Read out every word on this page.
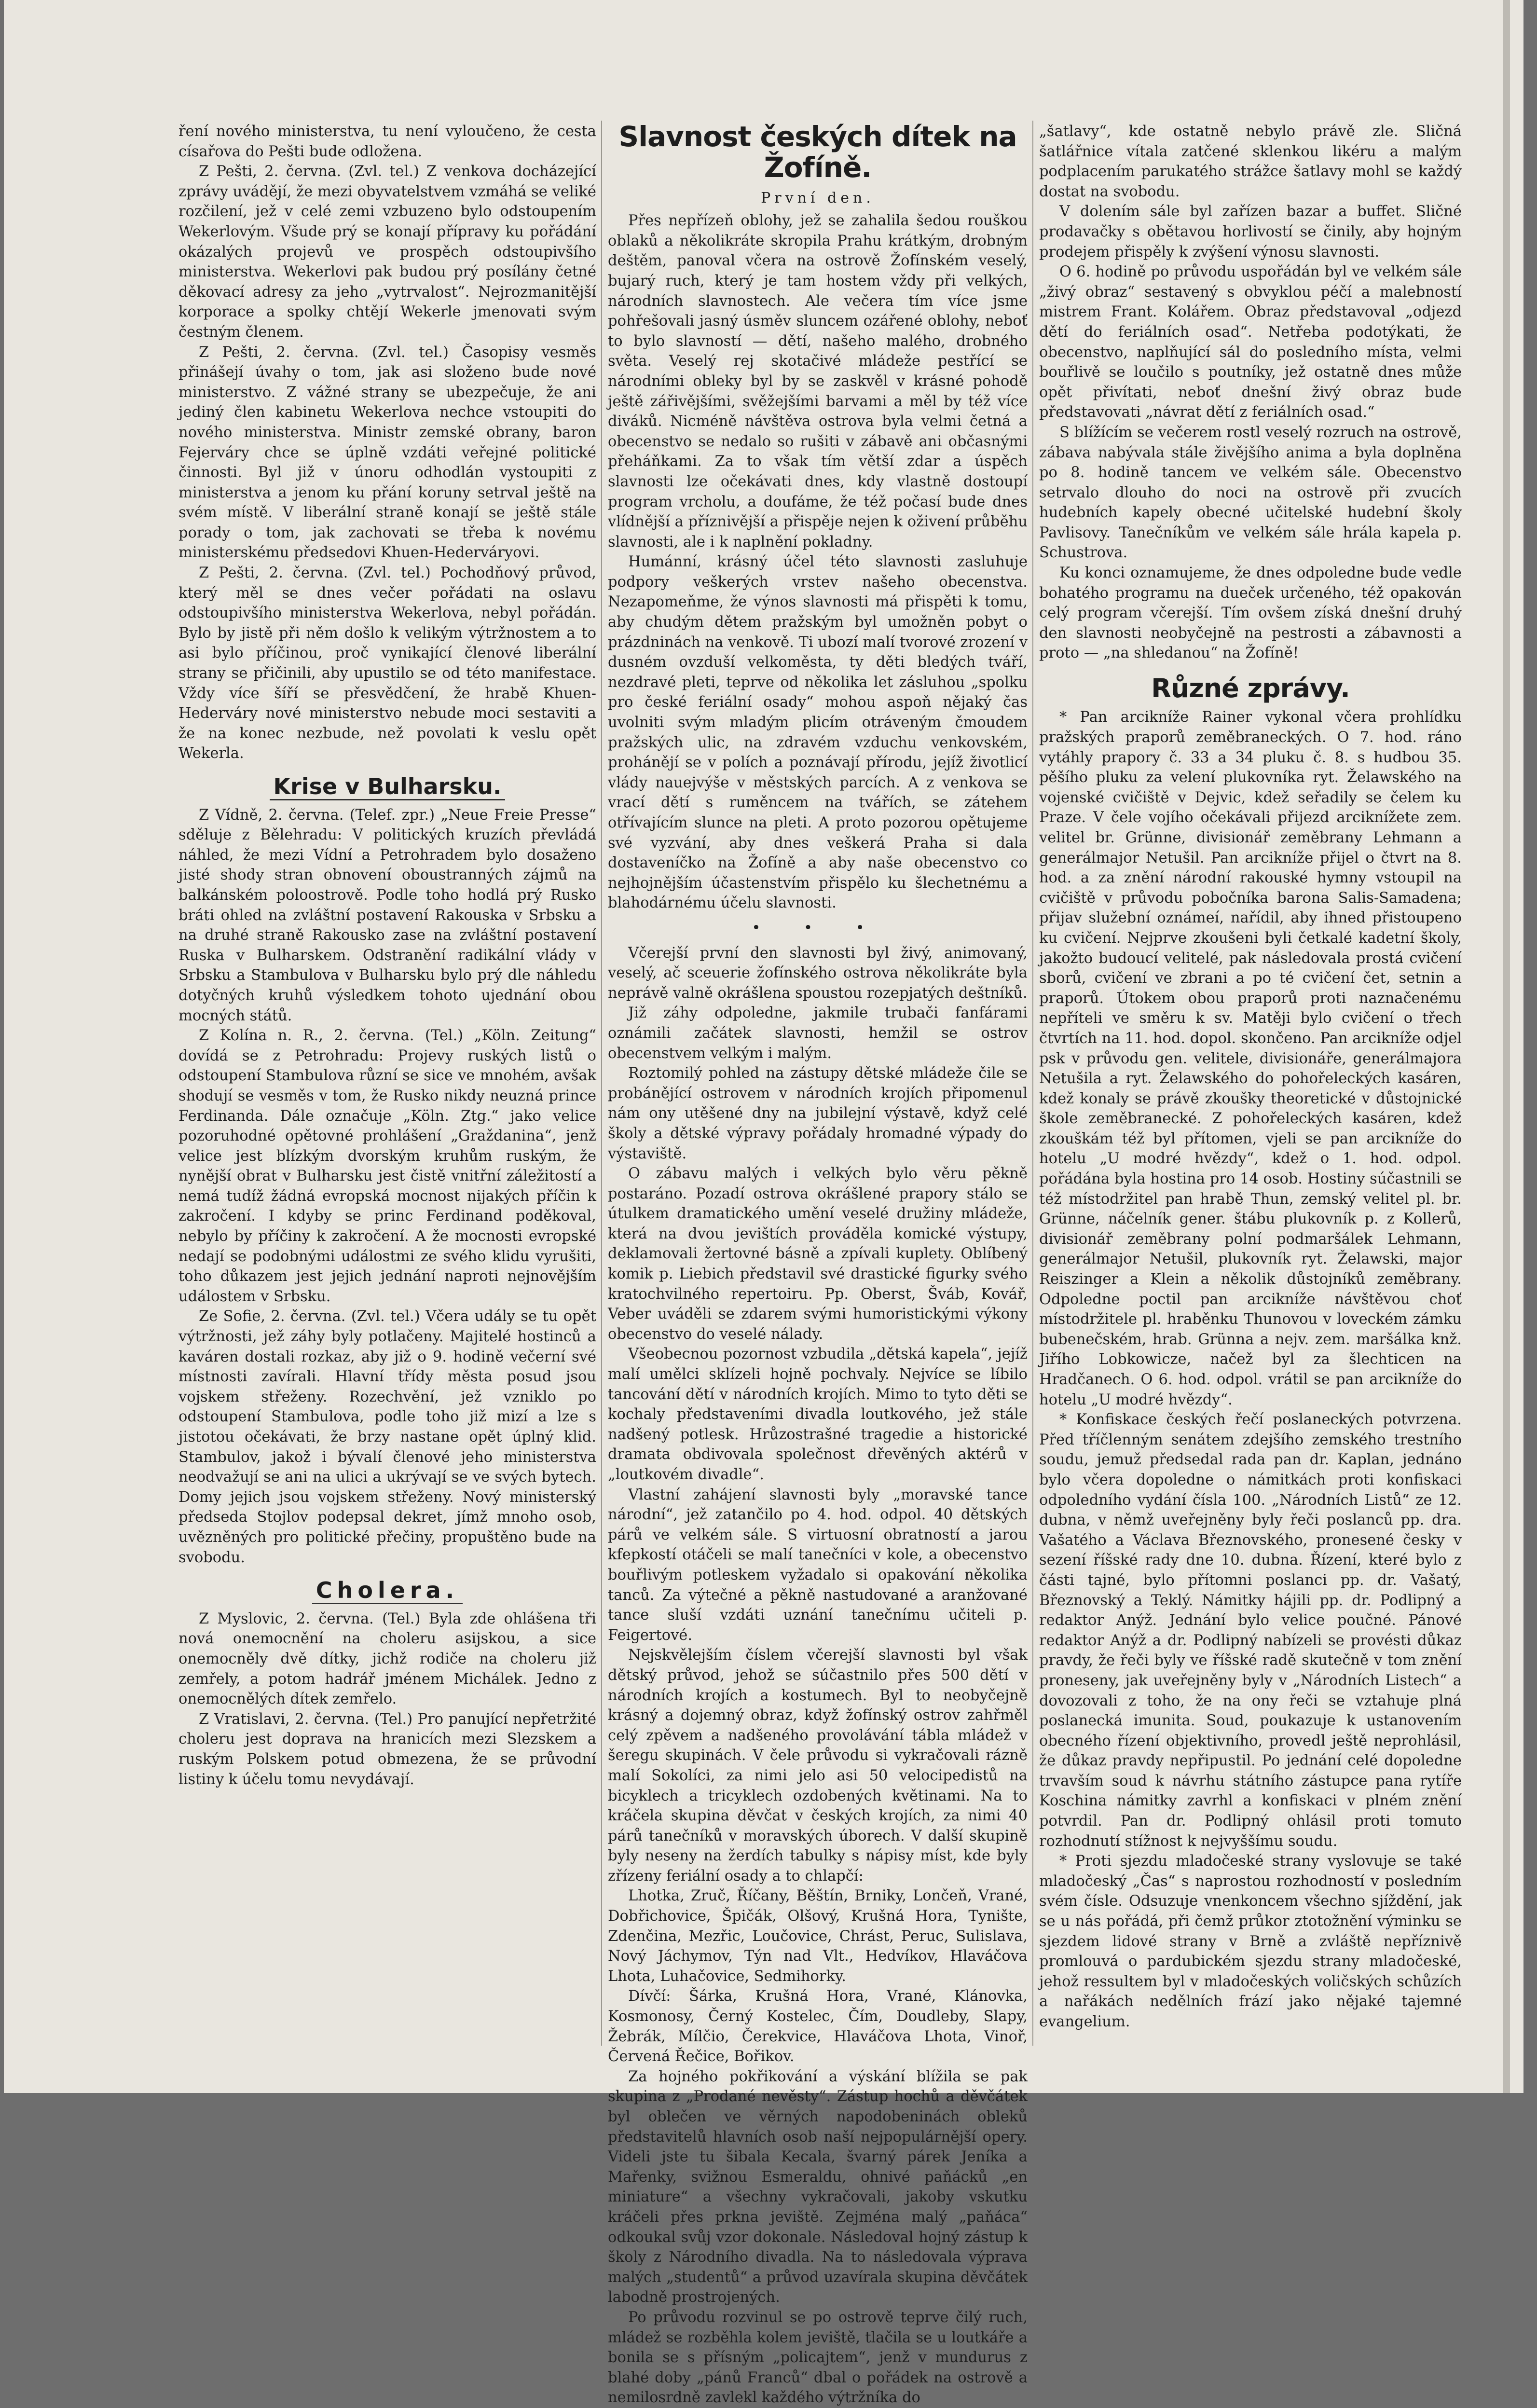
ření nového ministerstva, tu není vyloučeno, že cesta císařova do Pešti bude odložena.

Z Pešti, 2. června. (Zvl. tel.) Z venkova docházející zprávy uvádějí, že mezi obyvatelstvem vzmáhá se veliké rozčilení, jež v celé zemi vzbuzeno bylo odstoupením Wekerlovým. Všude prý se konají přípravy ku pořádání okázalých projevů ve prospěch odstoupivšího ministerstva. Wekerlovi pak budou prý posílány četné děkovací adresy za jeho „vytrvalost“. Nejrozmanitější korporace a spolky chtějí Wekerle jmenovati svým čestným členem.

Z Pešti, 2. června. (Zvl. tel.) Časopisy vesměs přinášejí úvahy o tom, jak asi složeno bude nové ministerstvo. Z vážné strany se ubezpečuje, že ani jediný člen kabinetu Wekerlova nechce vstoupiti do nového ministerstva. Ministr zemské obrany, baron Fejerváry chce se úplně vzdáti veřejné politické činnosti. Byl již v únoru odhodlán vystoupiti z ministerstva a jenom ku přání koruny setrval ještě na svém místě. V liberální straně konají se ještě stále porady o tom, jak zachovati se třeba k novému ministerskému předsedovi Khuen-Hederváryovi.

Z Pešti, 2. června. (Zvl. tel.) Pochodňový průvod, který měl se dnes večer pořádati na oslavu odstoupivšího ministerstva Wekerlova, nebyl pořádán. Bylo by jistě při něm došlo k velikým výtržnostem a to asi bylo příčinou, proč vynikající členové liberální strany se přičinili, aby upustilo se od této manifestace. Vždy více šíří se přesvědčení, že hrabě Khuen-Hederváry nové ministerstvo nebude moci sestaviti a že na konec nezbude, než povolati k veslu opět Wekerla.

Krise v Bulharsku.

Z Vídně, 2. června. (Telef. zpr.) „Neue Freie Presse“ sděluje z Bělehradu: V politických kruzích převládá náhled, že mezi Vídní a Petrohradem bylo dosaženo jisté shody stran obnovení oboustranných zájmů na balkánském poloostrově. Podle toho hodlá prý Rusko bráti ohled na zvláštní postavení Rakouska v Srbsku a na druhé straně Rakousko zase na zvláštní postavení Ruska v Bulharskem. Odstranění radikální vlády v Srbsku a Stambulova v Bulharsku bylo prý dle náhledu dotyčných kruhů výsledkem tohoto ujednání obou mocných států.

Z Kolína n. R., 2. června. (Tel.) „Köln. Zeitung“ dovídá se z Petrohradu: Projevy ruských listů o odstoupení Stambulova různí se sice ve mnohém, avšak shodují se vesměs v tom, že Rusko nikdy neuzná prince Ferdinanda. Dále označuje „Köln. Ztg.“ jako velice pozoruhodné opětovné prohlášení „Graždanina“, jenž velice jest blízkým dvorským kruhům ruským, že nynější obrat v Bulharsku jest čistě vnitřní záležitostí a nemá tudíž žádná evropská mocnost nijakých příčin k zakročení. I kdyby se princ Ferdinand poděkoval, nebylo by příčiny k zakročení. A že mocnosti evropské nedají se podobnými událostmi ze svého klidu vyrušiti, toho důkazem jest jejich jednání naproti nejnovějším událostem v Srbsku.

Ze Sofie, 2. června. (Zvl. tel.) Včera udály se tu opět výtržnosti, jež záhy byly potlačeny. Majitelé hostinců a kaváren dostali rozkaz, aby již o 9. hodině večerní své místnosti zavírali. Hlavní třídy města posud jsou vojskem střeženy. Rozechvění, jež vzniklo po odstoupení Stambulova, podle toho již mizí a lze s jistotou očekávati, že brzy nastane opět úplný klid. Stambulov, jakož i bývalí členové jeho ministerstva neodvažují se ani na ulici a ukrývají se ve svých bytech. Domy jejich jsou vojskem střeženy. Nový ministerský předseda Stojlov podepsal dekret, jímž mnoho osob, uvězněných pro politické přečiny, propuštěno bude na svobodu.

Cholera.

Z Myslovic, 2. června. (Tel.) Byla zde ohlášena tři nová onemocnění na choleru asijskou, a sice onemocněly dvě dítky, jichž rodiče na choleru již zemřely, a potom hadrář jménem Michálek. Jedno z onemocnělých dítek zemřelo.

Z Vratislavi, 2. června. (Tel.) Pro panující nepřetržité choleru jest doprava na hranicích mezi Slezskem a ruským Polskem potud obmezena, že se průvodní listiny k účelu tomu nevydávají.

Slavnost českých dítek na Žofíně.
První den.

Přes nepřízeň oblohy, jež se zahalila šedou rouškou oblaků a několikráte skropila Prahu krátkým, drobným deštěm, panoval včera na ostrově Žofínském veselý, bujarý ruch, který je tam hostem vždy při velkých, národních slavnostech. Ale večera tím více jsme pohřešovali jasný úsměv sluncem ozářené oblohy, neboť to bylo slavností — dětí, našeho malého, drobného světa. Veselý rej skotačivé mládeže pestřící se národními obleky byl by se zaskvěl v krásné pohodě ještě zářivějšími, svěžejšími barvami a měl by též více diváků. Nicméně návštěva ostrova byla velmi četná a obecenstvo se nedalo so rušiti v zábavě ani občasnými přeháňkami. Za to však tím větší zdar a úspěch slavnosti lze očekávati dnes, kdy vlastně dostoupí program vrcholu, a doufáme, že též počasí bude dnes vlídnější a příznivější a přispěje nejen k oživení průběhu slavnosti, ale i k naplnění pokladny.

Humánní, krásný účel této slavnosti zasluhuje podpory veškerých vrstev našeho obecenstva. Nezapomeňme, že výnos slavnosti má přispěti k tomu, aby chudým dětem pražským byl umožněn pobyt o prázdninách na venkově. Ti ubozí malí tvorové zrození v dusném ovzduší velkoměsta, ty děti bledých tváří, nezdravé pleti, teprve od několika let zásluhou „spolku pro české feriální osady“ mohou aspoň nějaký čas uvolniti svým mladým plicím otráveným čmoudem pražských ulic, na zdravém vzduchu venkovském, prohánějí se v polích a poznávají přírodu, jejíž životlicí vlády nauejvýše v městských parcích. A z venkova se vrací dětí s ruměncem na tvářích, se zátehem otřívajícím slunce na pleti. A proto pozorou opětujeme své vyzvání, aby dnes veškerá Praha si dala dostaveníčko na Žofíně a aby naše obecenstvo co nejhojnějším účastenstvím přispělo ku šlechetnému a blahodárnému účelu slavnosti.

• • •

Včerejší první den slavnosti byl živý, animovaný, veselý, ač sceuerie žofínského ostrova několikráte byla neprávě valně okrášlena spoustou rozepjatých deštníků.

Již záhy odpoledne, jakmile trubači fanfárami oznámili začátek slavnosti, hemžil se ostrov obecenstvem velkým i malým.

Roztomilý pohled na zástupy dětské mládeže čile se probánějící ostrovem v národních krojích připomenul nám ony utěšené dny na jubilejní výstavě, když celé školy a dětské výpravy pořádaly hromadné výpady do výstaviště.

O zábavu malých i velkých bylo věru pěkně postaráno. Pozadí ostrova okrášlené prapory stálo se útulkem dramatického umění veselé družiny mládeže, která na dvou jevištích prováděla komické výstupy, deklamovali žertovné básně a zpívali kuplety. Oblíbený komik p. Liebich představil své drastické figurky svého kratochvilného repertoiru. Pp. Oberst, Šváb, Kovář, Veber uváděli se zdarem svými humoristickými výkony obecenstvo do veselé nálady.

Všeobecnou pozornost vzbudila „dětská kapela“, jejíž malí umělci sklízeli hojně pochvaly. Nejvíce se líbilo tancování dětí v národních krojích. Mimo to tyto děti se kochaly představeními divadla loutkového, jež stále nadšený potlesk. Hrůzostrašné tragedie a historické dramata obdivovala společnost dřevěných aktérů v „loutkovém divadle“.

Vlastní zahájení slavnosti byly „moravské tance národní“, jež zatančilo po 4. hod. odpol. 40 dětských párů ve velkém sále. S virtuosní obratností a jarou kfepkostí otáčeli se malí tanečníci v kole, a obecenstvo bouřlivým potleskem vyžadalo si opakování několika tanců. Za výtečné a pěkně nastudované a aranžované tance sluší vzdáti uznání tanečnímu učiteli p. Feigertové.

Nejskvělejším číslem včerejší slavnosti byl však dětský průvod, jehož se súčastnilo přes 500 dětí v národních krojích a kostumech. Byl to neobyčejně krásný a dojemný obraz, když žofínský ostrov zahřměl celý zpěvem a nadšeného provolávání tábla mládež v šeregu skupinách. V čele průvodu si vykračovali rázně malí Sokolíci, za nimi jelo asi 50 velocipedistů na bicyklech a tricyklech ozdobených květinami. Na to kráčela skupina děvčat v českých krojích, za nimi 40 párů tanečníků v moravských úborech. V další skupině byly neseny na žerdích tabulky s nápisy míst, kde byly zřízeny feriální osady a to chlapčí:

Lhotka, Zruč, Říčany, Běštín, Brniky, Lončeň, Vrané, Dobřichovice, Špičák, Olšový, Krušná Hora, Tynište, Zdenčina, Mezřic, Loučovice, Chrást, Peruc, Sulislava, Nový Jáchymov, Týn nad Vlt., Hedvíkov, Hlaváčova Lhota, Luhačovice, Sedmihorky.

Dívčí: Šárka, Krušná Hora, Vrané, Klánovka, Kosmonosy, Černý Kostelec, Čím, Doudleby, Slapy, Žebrák, Mílčio, Čerekvice, Hlaváčova Lhota, Vinoř, Červená Řečice, Bořikov.

Za hojného pokřikování a výskání blížila se pak skupina z „Prodané nevěsty“. Zástup hochů a děvčátek byl oblečen ve věrných napodobeninách obleků představitelů hlavních osob naší nejpopulárnější opery. Videli jste tu šibala Kecala, švarný párek Jeníka a Mařenky, svižnou Esmeraldu, ohnivé paňácků „en miniature“ a všechny vykračovali, jakoby vskutku kráčeli přes prkna jeviště. Zejména malý „paňáca“ odkoukal svůj vzor dokonale. Následoval hojný zástup k školy z Národního divadla. Na to následovala výprava malých „studentů“ a průvod uzavírala skupina děvčátek labodně prostrojených.

Po průvodu rozvinul se po ostrově teprve čilý ruch, mládež se rozběhla kolem jeviště, tlačila se u loutkáře a bonila se s přísným „policajtem“, jenž v mundurus z blahé doby „pánů Franců“ dbal o pořádek na ostrově a nemilosrdně zavlekl každého výtržníka do

„šatlavy“, kde ostatně nebylo právě zle. Sličná šatlářnice vítala zatčené sklenkou likéru a malým podplacením parukatého strážce šatlavy mohl se každý dostat na svobodu.

V dolením sále byl zařízen bazar a buffet. Sličné prodavačky s obětavou horlivostí se činily, aby hojným prodejem přispěly k zvýšení výnosu slavnosti.

O 6. hodině po průvodu uspořádán byl ve velkém sále „živý obraz“ sestavený s obvyklou péčí a malebností mistrem Frant. Kolářem. Obraz představoval „odjezd dětí do feriálních osad“. Netřeba podotýkati, že obecenstvo, naplňující sál do posledního místa, velmi bouřlivě se loučilo s poutníky, jež ostatně dnes může opět přivítati, neboť dnešní živý obraz bude představovati „návrat dětí z feriálních osad.“

S blížícím se večerem rostl veselý rozruch na ostrově, zábava nabývala stále živějšího anima a byla doplněna po 8. hodině tancem ve velkém sále. Obecenstvo setrvalo dlouho do noci na ostrově při zvucích hudebních kapely obecné učitelské hudební školy Pavlisovy. Tanečníkům ve velkém sále hrála kapela p. Schustrova.

Ku konci oznamujeme, že dnes odpoledne bude vedle bohatého programu na dueček určeného, též opakován celý program včerejší. Tím ovšem získá dnešní druhý den slavnosti neobyčejně na pestrosti a zábavnosti a proto — „na shledanou“ na Žofíně!

Různé zprávy.

* Pan arcikníže Rainer vykonal včera prohlídku pražských praporů zeměbraneckých. O 7. hod. ráno vytáhly prapory č. 33 a 34 pluku č. 8. s hudbou 35. pěšího pluku za velení plukovníka ryt. Želawského na vojenské cvičiště v Dejvic, kdež seřadily se čelem ku Praze. V čele vojího očekávali přijezd arciknížete zem. velitel br. Grünne, divisionář zeměbrany Lehmann a generálmajor Netušil. Pan arcikníže přijel o čtvrt na 8. hod. a za znění národní rakouské hymny vstoupil na cvičiště v průvodu pobočníka barona Salis-Samadena; přijav služební oznámeí, nařídil, aby ihned přistoupeno ku cvičení. Nejprve zkoušeni byli četkalé kadetní školy, jakožto budoucí velitelé, pak následovala prostá cvičení sborů, cvičení ve zbrani a po té cvičení čet, setnin a praporů. Útokem obou praporů proti naznačenému nepříteli ve směru k sv. Matěji bylo cvičení o třech čtvrtích na 11. hod. dopol. skončeno. Pan arcikníže odjel psk v průvodu gen. velitele, divisionáře, generálmajora Netušila a ryt. Želawského do pohořeleckých kasáren, kdež konaly se právě zkoušky theoretické v důstojnické škole zeměbranecké. Z pohořeleckých kasáren, kdež zkouškám též byl přítomen, vjeli se pan arcikníže do hotelu „U modré hvězdy“, kdež o 1. hod. odpol. pořádána byla hostina pro 14 osob. Hostiny súčastnili se též místodržitel pan hrabě Thun, zemský velitel pl. br. Grünne, náčelník gener. štábu plukovník p. z Kollerů, divisionář zeměbrany polní podmaršálek Lehmann, generálmajor Netušil, plukovník ryt. Želawski, major Reiszinger a Klein a několik důstojníků zeměbrany. Odpoledne poctil pan arcikníže návštěvou choť místodržitele pl. hraběnku Thunovou v loveckém zámku bubenečském, hrab. Grünna a nejv. zem. maršálka knž. Jiřího Lobkowicze, načež byl za šlechticen na Hradčanech. O 6. hod. odpol. vrátil se pan arcikníže do hotelu „U modré hvězdy“.

* Konfiskace českých řečí poslaneckých potvrzena. Před tříčlenným senátem zdejšího zemského trestního soudu, jemuž předsedal rada pan dr. Kaplan, jednáno bylo včera dopoledne o námitkách proti konfiskaci odpoledního vydání čísla 100. „Národních Listů“ ze 12. dubna, v němž uveřejněny byly řeči poslanců pp. dra. Vašatého a Václava Březnovského, pronesené česky v sezení říšské rady dne 10. dubna. Řízení, které bylo z části tajné, bylo přítomni poslanci pp. dr. Vašatý, Březnovský a Teklý. Námitky hájili pp. dr. Podlipný a redaktor Anýž. Jednání bylo velice poučné. Pánové redaktor Anýž a dr. Podlipný nabízeli se provésti důkaz pravdy, že řeči byly ve říšské radě skutečně v tom znění proneseny, jak uveřejněny byly v „Národních Listech“ a dovozovali z toho, že na ony řeči se vztahuje plná poslanecká imunita. Soud, poukazuje k ustanovením obecného řízení objektivního, provedl ještě neprohlásil, že důkaz pravdy nepřipustil. Po jednání celé dopoledne trvavším soud k návrhu státního zástupce pana rytíře Koschina námitky zavrhl a konfiskaci v plném znění potvrdil. Pan dr. Podlipný ohlásil proti tomuto rozhodnutí stížnost k nejvyššímu soudu.

* Proti sjezdu mladočeské strany vyslovuje se také mladočeský „Čas“ s naprostou rozhodností v posledním svém čísle. Odsuzuje vnenkoncem všechno sjíždění, jak se u nás pořádá, při čemž průkor ztotožnění výminku se sjezdem lidové strany v Brně a zvláště nepříznivě promlouvá o pardubickém sjezdu strany mladočeské, jehož ressultem byl v mladočeských voličských schůzích a nařákách nedělních frází jako nějaké tajemné evangelium.
